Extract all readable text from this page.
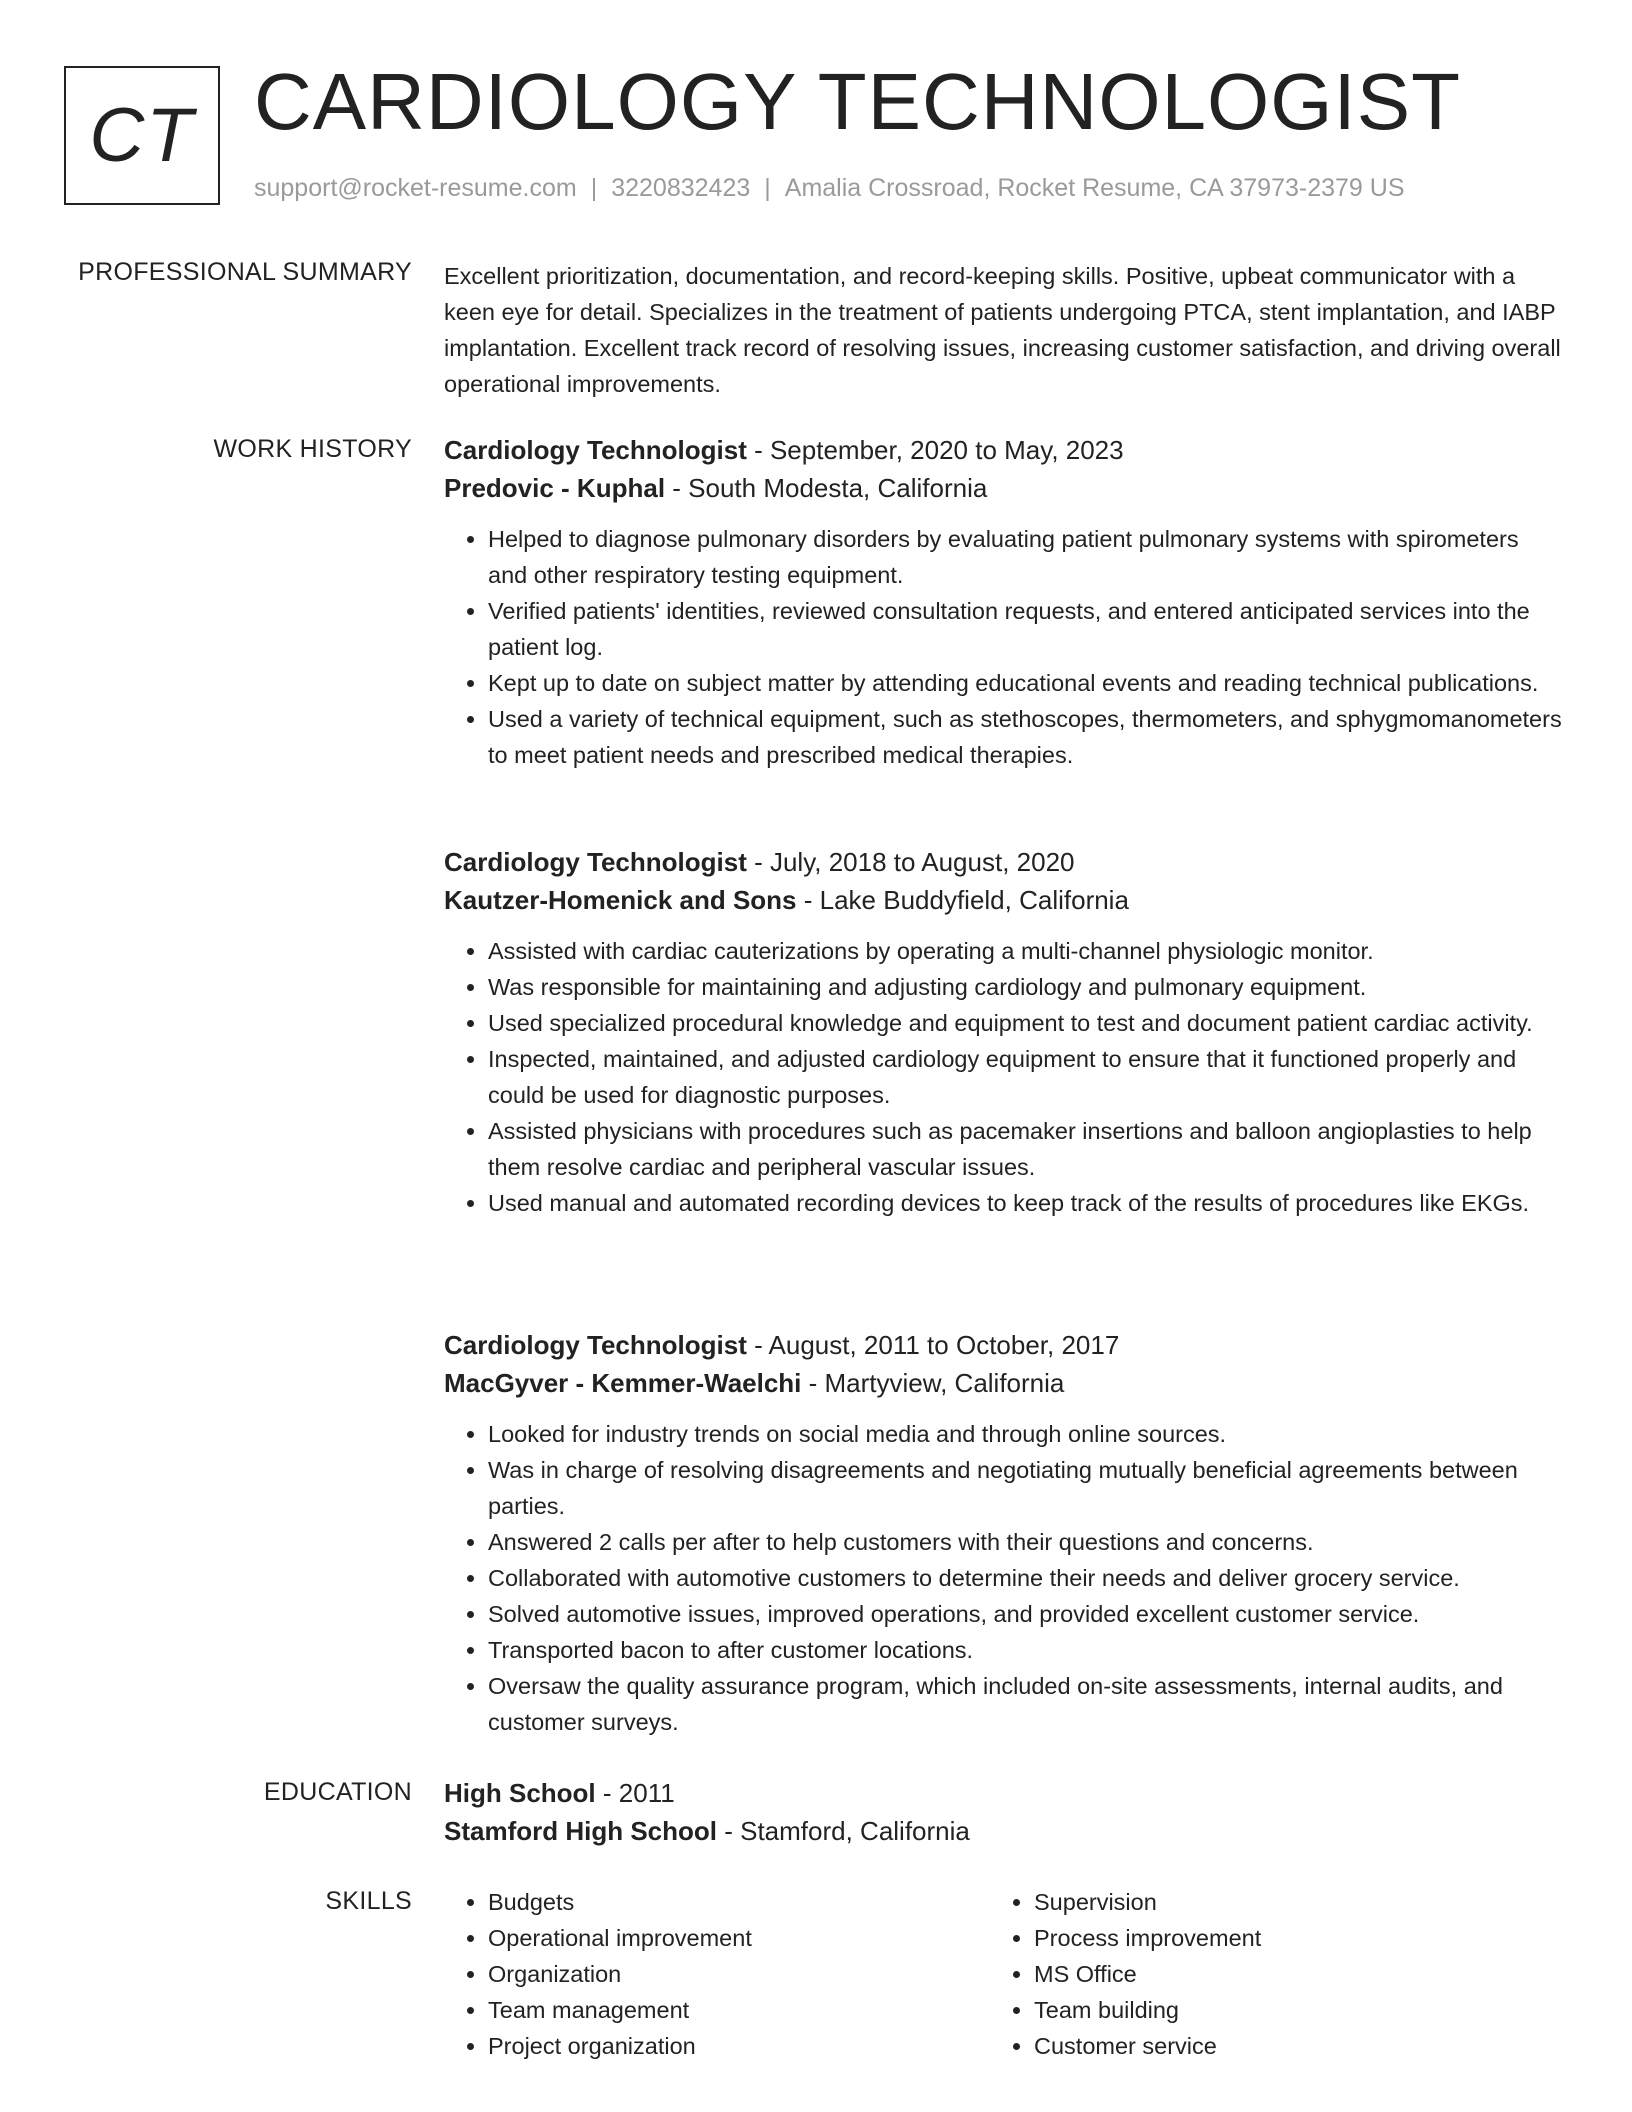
CT CARDIOLOGY TECHNOLOGIST
support@rocket-resume.com | 3220832423 | Amalia Crossroad, Rocket Resume, CA 37973-2379 US
PROFESSIONAL SUMMARY Excellent prioritization, documentation, and record-keeping skills. Positive, upbeat communicator with a keen eye for detail. Specializes in the treatment of patients undergoing PTCA, stent implantation, and IABP implantation. Excellent track record of resolving issues, increasing customer satisfaction, and driving overall operational improvements.

WORK HISTORY Cardiology Technologist - September, 2020 to May, 2023
Predovic - Kuphal - South Modesta, California
• Helped to diagnose pulmonary disorders by evaluating patient pulmonary systems with spirometers and other respiratory testing equipment.
• Verified patients' identities, reviewed consultation requests, and entered anticipated services into the patient log.
• Kept up to date on subject matter by attending educational events and reading technical publications.
• Used a variety of technical equipment, such as stethoscopes, thermometers, and sphygmomanometers to meet patient needs and prescribed medical therapies.
Cardiology Technologist - July, 2018 to August, 2020
Kautzer-Homenick and Sons - Lake Buddyfield, California
• Assisted with cardiac cauterizations by operating a multi-channel physiologic monitor.
• Was responsible for maintaining and adjusting cardiology and pulmonary equipment.
• Used specialized procedural knowledge and equipment to test and document patient cardiac activity.
• Inspected, maintained, and adjusted cardiology equipment to ensure that it functioned properly and could be used for diagnostic purposes.
• Assisted physicians with procedures such as pacemaker insertions and balloon angioplasties to help them resolve cardiac and peripheral vascular issues.
• Used manual and automated recording devices to keep track of the results of procedures like EKGs.
Cardiology Technologist - August, 2011 to October, 2017
MacGyver - Kemmer-Waelchi - Martyview, California
• Looked for industry trends on social media and through online sources.
• Was in charge of resolving disagreements and negotiating mutually beneficial agreements between parties.
• Answered 2 calls per after to help customers with their questions and concerns.
• Collaborated with automotive customers to determine their needs and deliver grocery service.
• Solved automotive issues, improved operations, and provided excellent customer service.
• Transported bacon to after customer locations.
• Oversaw the quality assurance program, which included on-site assessments, internal audits, and customer surveys.
EDUCATION High School - 2011
Stamford High School - Stamford, California
SKILLS
•	Budgets
• Operational improvement
• Organization
• Team management
• Project organization
• Supervision
• Process improvement
• MS Office
• Team building
• Customer service
